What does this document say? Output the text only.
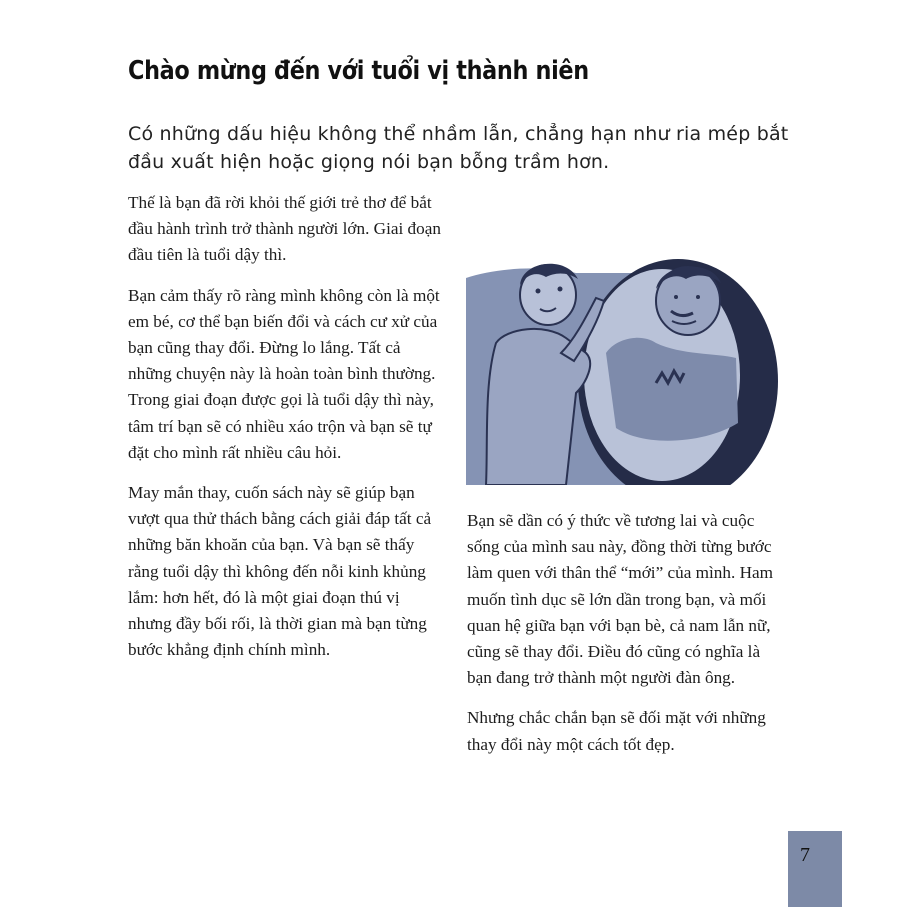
Chào mừng đến với tuổi vị thành niên

Có những dấu hiệu không thể nhầm lẫn, chẳng hạn như ria mép bắt đầu xuất hiện hoặc giọng nói bạn bỗng trầm hơn.

Thế là bạn đã rời khỏi thế giới trẻ thơ để bắt đầu hành trình trở thành người lớn. Giai đoạn đầu tiên là tuổi dậy thì.

Bạn cảm thấy rõ ràng mình không còn là một em bé, cơ thể bạn biến đổi và cách cư xử của bạn cũng thay đổi. Đừng lo lắng. Tất cả những chuyện này là hoàn toàn bình thường. Trong giai đoạn được gọi là tuổi dậy thì này, tâm trí bạn sẽ có nhiều xáo trộn và bạn sẽ tự đặt cho mình rất nhiều câu hỏi.

May mắn thay, cuốn sách này sẽ giúp bạn vượt qua thử thách bằng cách giải đáp tất cả những băn khoăn của bạn. Và bạn sẽ thấy rằng tuổi dậy thì không đến nỗi kinh khủng lắm: hơn hết, đó là một giai đoạn thú vị nhưng đầy bối rối, là thời gian mà bạn từng bước khẳng định chính mình.

Bạn sẽ dần có ý thức về tương lai và cuộc sống của mình sau này, đồng thời từng bước làm quen với thân thể “mới” của mình. Ham muốn tình dục sẽ lớn dần trong bạn, và mối quan hệ giữa bạn với bạn bè, cả nam lẫn nữ, cũng sẽ thay đổi. Điều đó cũng có nghĩa là bạn đang trở thành một người đàn ông.

Nhưng chắc chắn bạn sẽ đối mặt với những thay đổi này một cách tốt đẹp.

7
